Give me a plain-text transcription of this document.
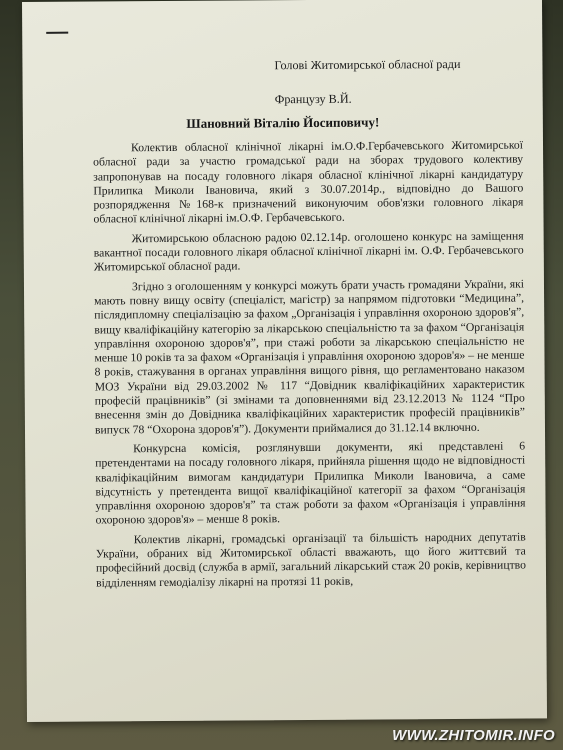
Голові Житомирської обласної ради
Французу В.Й.
Шановний Віталію Йосиповичу!

Колектив обласної клінічної лікарні ім.О.Ф.Гербачевського Житомирської обласної ради за участю громадської ради на зборах трудового колективу запропонував на посаду головного лікаря обласної клінічної лікарні кандидатуру Прилипка Миколи Івановича, який з 30.07.2014р., відповідно до Вашого розпорядження №168-к призначений виконуючим обов'язки головного лікаря обласної клінічної лікарні ім.О.Ф. Гербачевського.

Житомирською обласною радою 02.12.14р. оголошено конкурс на заміщення вакантної посади головного лікаря обласної клінічної лікарні ім. О.Ф. Гербачевського Житомирської обласної ради.

Згідно з оголошенням у конкурсі можуть брати участь громадяни України, які мають повну вищу освіту (спеціаліст, магістр) за напрямом підготовки “Медицина”, післядипломну спеціалізацію за фахом „Організація і управління охороною здоров'я”, вищу кваліфікаційну категорію за лікарською спеціальністю та за фахом “Організація управління охороною здоров'я”, при стажі роботи за лікарською спеціальністю не менше 10 років та за фахом «Організація і управління охороною здоров'я» – не менше 8 років, стажування в органах управління вищого рівня, що регламентовано наказом МОЗ України від 29.03.2002 № 117 “Довідник кваліфікаційних характеристик професій працівників” (зі змінами та доповненнями від 23.12.2013 № 1124 “Про внесення змін до Довідника кваліфікаційних характеристик професій працівників” випуск 78 “Охорона здоров'я”). Документи приймалися до 31.12.14 включно.

Конкурсна комісія, розглянувши документи, які представлені 6 претендентами на посаду головного лікаря, прийняла рішення щодо не відповідності кваліфікаційним вимогам кандидатури Прилипка Миколи Івановича, а саме відсутність у претендента вищої кваліфікаційної категорії за фахом “Організація управління охороною здоров'я” та стаж роботи за фахом «Організація і управління охороною здоров'я» – менше 8 років.

Колектив лікарні, громадські організації та більшість народних депутатів України, обраних від Житомирської області вважають, що його життєвий та професійний досвід (служба в армії, загальний лікарський стаж 20 років, керівництво відділенням гемодіалізу лікарні на протязі 11 років,

WWW.ZHITOMIR.INFO
